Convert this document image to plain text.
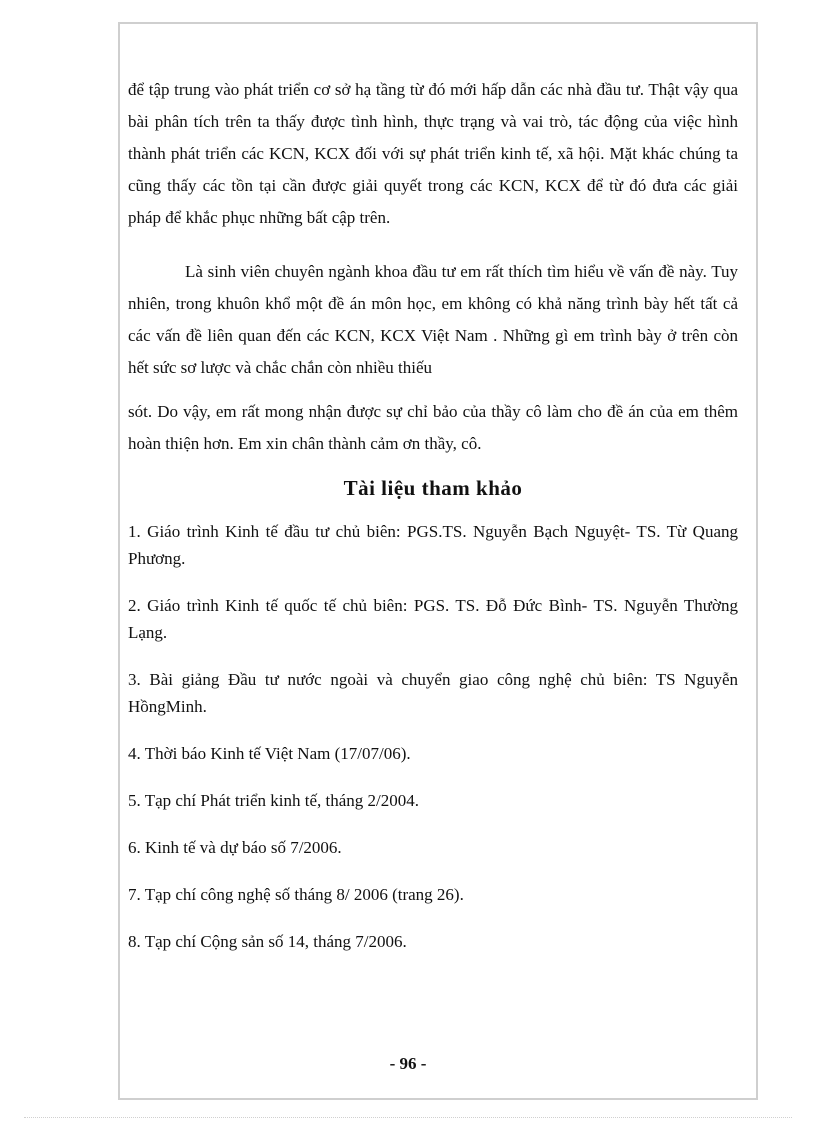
để tập trung vào phát triển cơ sở hạ tầng từ đó mới hấp dẫn các nhà đầu tư. Thật vậy qua bài phân tích trên ta thấy được tình hình, thực trạng và vai trò, tác động của việc hình thành phát triển các KCN, KCX đối với sự phát triển kinh tế, xã hội. Mặt khác chúng ta cũng thấy các tồn tại cần được giải quyết trong các KCN, KCX để từ đó đưa các giải pháp để khắc phục những bất cập trên.

Là sinh viên chuyên ngành khoa đầu tư em rất thích tìm hiểu về vấn đề này. Tuy nhiên, trong khuôn khổ một đề án môn học, em không có khả năng trình bày hết tất cả các vấn đề liên quan đến các KCN, KCX Việt Nam . Những gì em trình bày ở trên còn hết sức sơ lược và chắc chắn còn nhiều thiếu

sót. Do vậy, em rất mong nhận được sự chỉ bảo của thầy cô làm cho đề án của em thêm hoàn thiện hơn. Em xin chân thành cảm ơn thầy, cô.

Tài liệu tham khảo
1. Giáo trình Kinh tế đầu tư chủ biên: PGS.TS. Nguyễn Bạch Nguyệt- TS. Từ Quang Phương.
2. Giáo trình Kinh tế quốc tế chủ biên: PGS. TS. Đỗ Đức Bình- TS. Nguyễn Thường Lạng.
3. Bài giảng Đầu tư nước ngoài và chuyển giao công nghệ chủ biên: TS Nguyễn HồngMinh.
4. Thời báo Kinh tế Việt Nam (17/07/06).
5. Tạp chí Phát triển kinh tế, tháng 2/2004.
6. Kinh tế và dự báo số 7/2006.
7. Tạp chí công nghệ số tháng 8/ 2006 (trang 26).
8. Tạp chí Cộng sản số 14, tháng 7/2006.
- 96 -
